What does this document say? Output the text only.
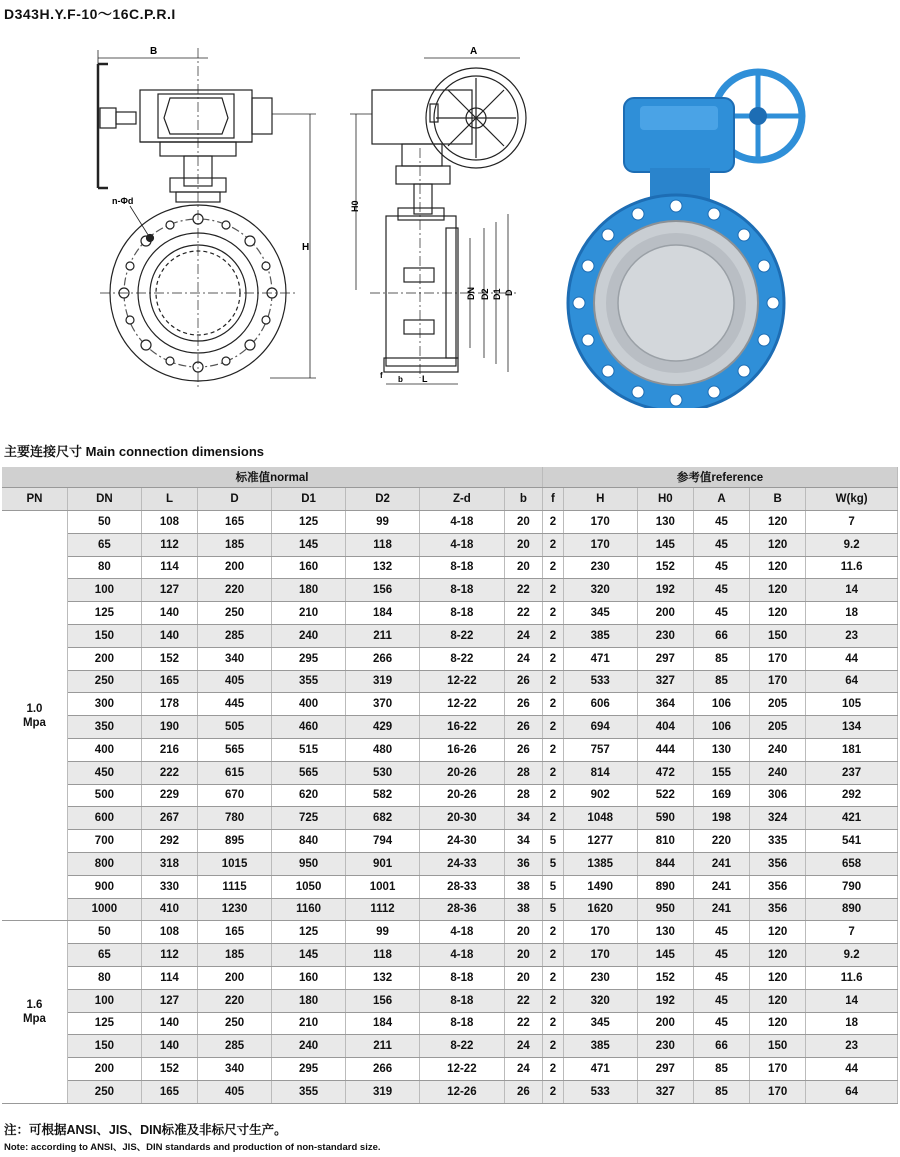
D343H.Y.F-10～16C.P.R.I
B
H
n-Φd
A
H0
DN D2 D1 D
f b L
主要连接尺寸 Main connection dimensions
标准值normal								参考值reference					
PN	DN	L	D	D1	D2	Z-d	b	f	H	H0	A	B	W(kg)
1.0
Mpa	50	108	165	125	99	4-18	20	2	170	130	45	120	7
	65	112	185	145	118	4-18	20	2	170	145	45	120	9.2
	80	114	200	160	132	8-18	20	2	230	152	45	120	11.6
	100	127	220	180	156	8-18	22	2	320	192	45	120	14
	125	140	250	210	184	8-18	22	2	345	200	45	120	18
	150	140	285	240	211	8-22	24	2	385	230	66	150	23
	200	152	340	295	266	8-22	24	2	471	297	85	170	44
	250	165	405	355	319	12-22	26	2	533	327	85	170	64
	300	178	445	400	370	12-22	26	2	606	364	106	205	105
	350	190	505	460	429	16-22	26	2	694	404	106	205	134
	400	216	565	515	480	16-26	26	2	757	444	130	240	181
	450	222	615	565	530	20-26	28	2	814	472	155	240	237
	500	229	670	620	582	20-26	28	2	902	522	169	306	292
	600	267	780	725	682	20-30	34	2	1048	590	198	324	421
	700	292	895	840	794	24-30	34	5	1277	810	220	335	541
	800	318	1015	950	901	24-33	36	5	1385	844	241	356	658
	900	330	1115	1050	1001	28-33	38	5	1490	890	241	356	790
	1000	410	1230	1160	1112	28-36	38	5	1620	950	241	356	890
1.6
Mpa	50	108	165	125	99	4-18	20	2	170	130	45	120	7
	65	112	185	145	118	4-18	20	2	170	145	45	120	9.2
	80	114	200	160	132	8-18	20	2	230	152	45	120	11.6
	100	127	220	180	156	8-18	22	2	320	192	45	120	14
	125	140	250	210	184	8-18	22	2	345	200	45	120	18
	150	140	285	240	211	8-22	24	2	385	230	66	150	23
	200	152	340	295	266	12-22	24	2	471	297	85	170	44
	250	165	405	355	319	12-26	26	2	533	327	85	170	64
注：可根据ANSI、JIS、DIN标准及非标尺寸生产。
Note: according to ANSI、JIS、DIN standards and production of non-standard size.
